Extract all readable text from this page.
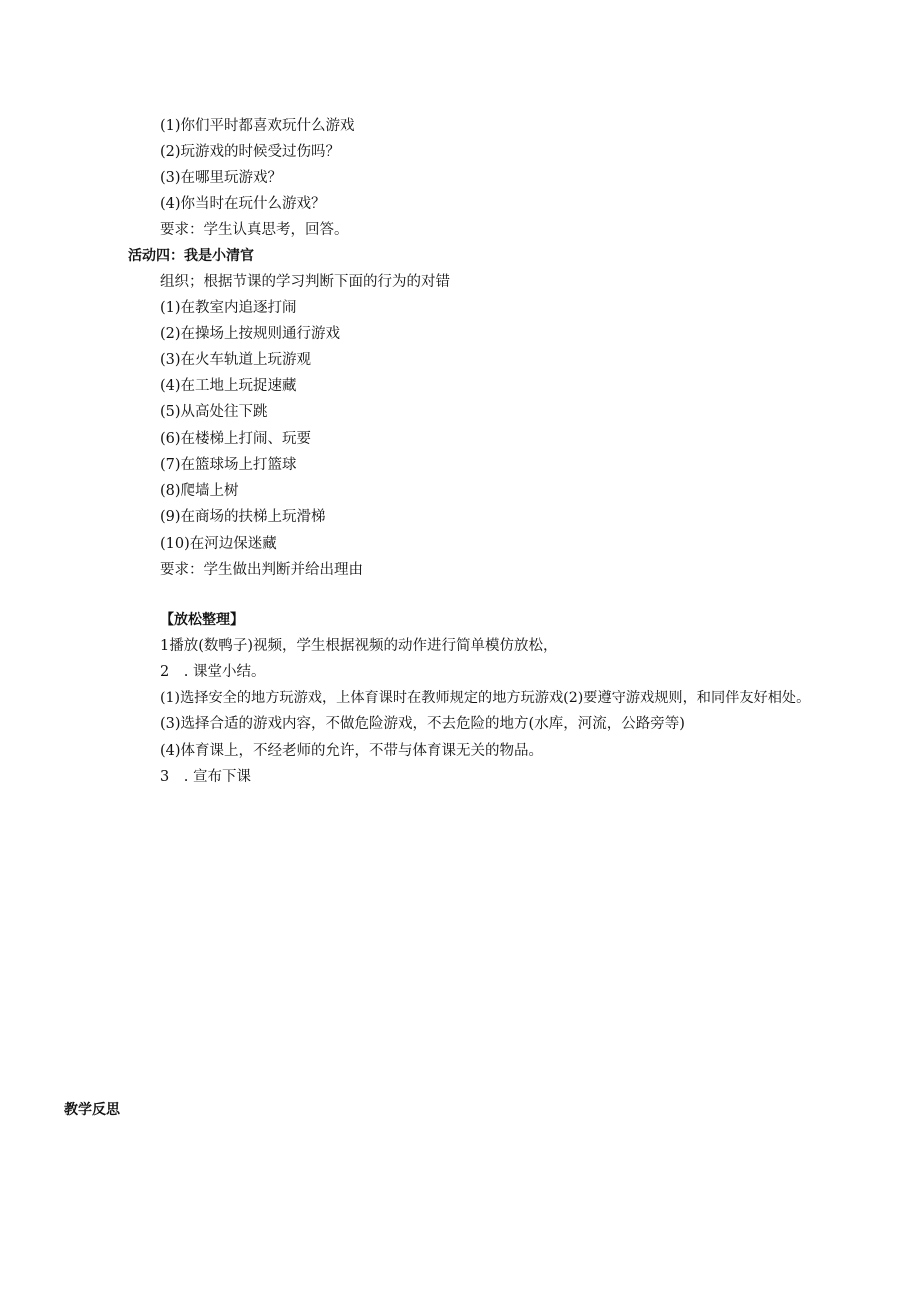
(1)你们平时都喜欢玩什么游戏
(2)玩游戏的时候受过伤吗？
(3)在哪里玩游戏？
(4)你当时在玩什么游戏？
要求：学生认真思考，回答。
活动四：我是小清官
组织；根据节课的学习判断下面的行为的对错
(1)在教室内追逐打闹
(2)在操场上按规则通行游戏
(3)在火车轨道上玩游观
(4)在工地上玩捉速藏
(5)从高处往下跳
(6)在楼梯上打闹、玩要
(7)在篮球场上打篮球
(8)爬墙上树
(9)在商场的扶梯上玩滑梯
(10)在河边保迷藏
要求：学生做出判断并给出理由
【放松整理】
1播放(数鸭子)视频，学生根据视频的动作进行简单模仿放松，
2　. 课堂小结。
(1)选择安全的地方玩游戏，上体育课时在教师规定的地方玩游戏(2)要遵守游戏规则，和同伴友好相处。
(3)选择合适的游戏内容，不做危险游戏，不去危险的地方(水库，河流，公路旁等)
(4)体育课上，不经老师的允许，不带与体育课无关的物品。
3　. 宣布下课
教学反思
